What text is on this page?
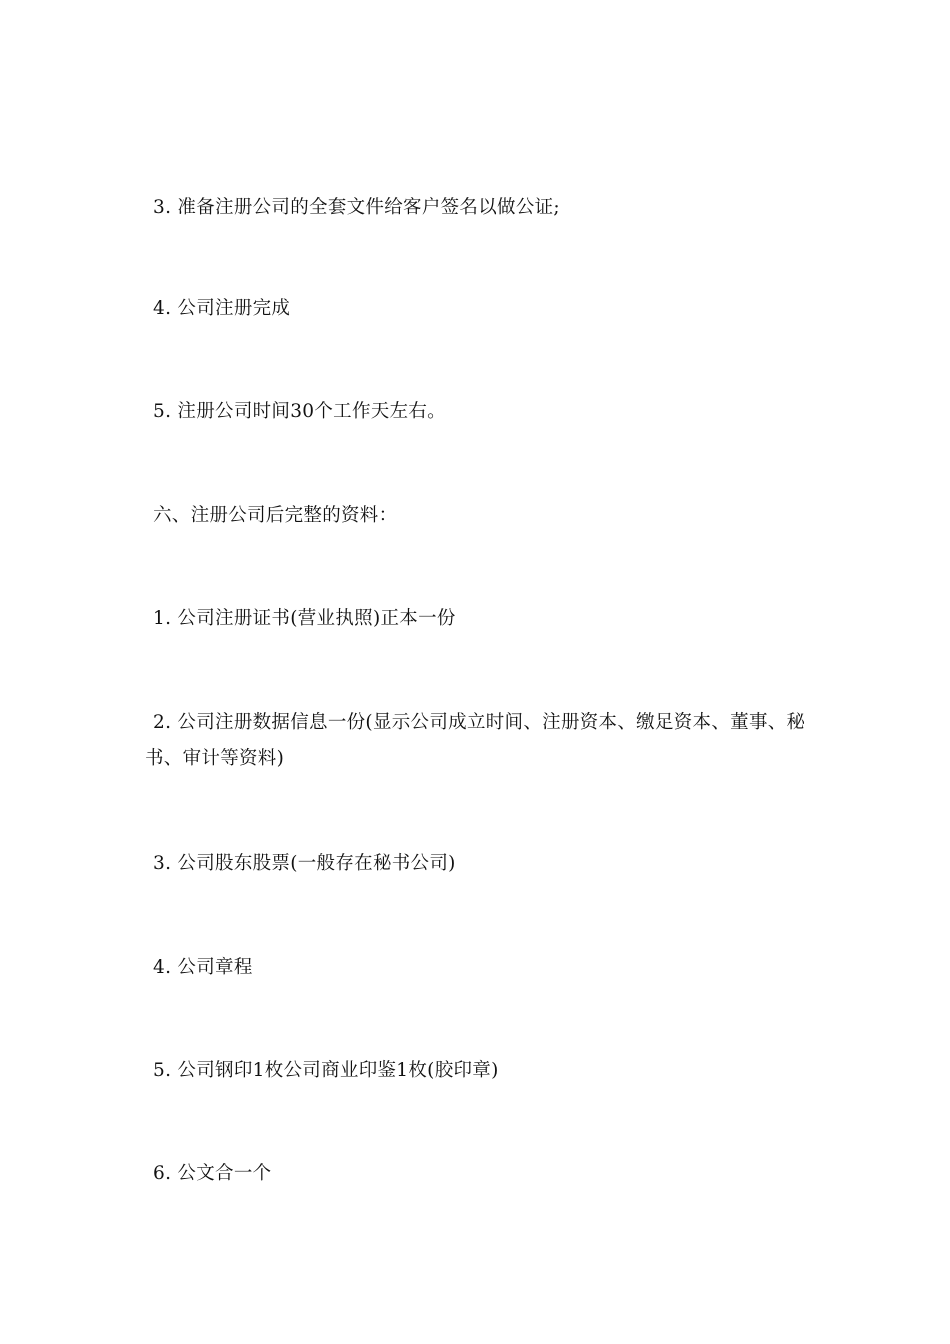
3. 准备注册公司的全套文件给客户签名以做公证;

4. 公司注册完成

5. 注册公司时间30个工作天左右。

六、注册公司后完整的资料：

1. 公司注册证书(营业执照)正本一份

2. 公司注册数据信息一份(显示公司成立时间、注册资本、缴足资本、董事、秘书、审计等资料)

3. 公司股东股票(一般存在秘书公司)

4. 公司章程

5. 公司钢印1枚公司商业印鉴1枚(胶印章)

6. 公文合一个
